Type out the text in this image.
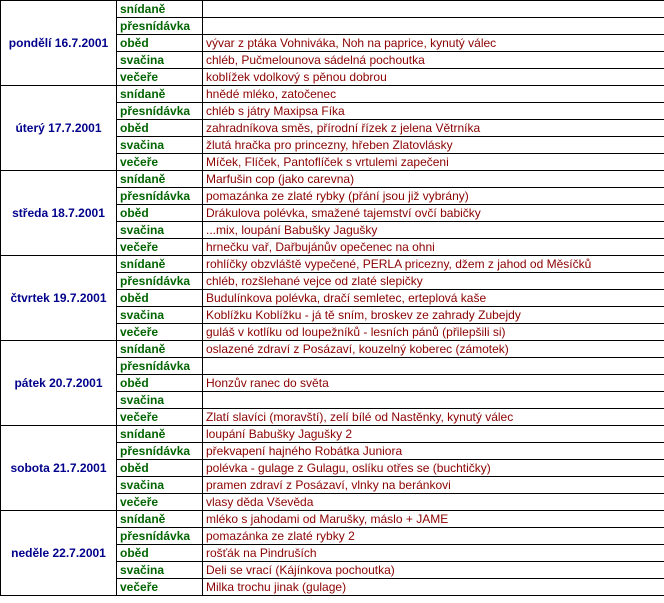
pondělí 16.7.2001	snídaně	
	přesnídávka	
	oběd	vývar z ptáka Vohniváka, Noh na paprice, kynutý válec
	svačina	chléb, Pučmelounova sádelná pochoutka
	večeře	koblížek vdolkový s pěnou dobrou
úterý 17.7.2001	snídaně	hnědé mléko, zatočenec
	přesnídávka	chléb s játry Maxipsa Fíka
	oběd	zahradníkova směs, přírodní řízek z jelena Větrníka
	svačina	žlutá hračka pro princezny, hřeben Zlatovlásky
	večeře	Míček, Flíček, Pantoflíček s vrtulemi zapečeni
středa 18.7.2001	snídaně	Marfušin cop (jako carevna)
	přesnídávka	pomazánka ze zlaté rybky (přání jsou již vybrány)
	oběd	Drákulova polévka, smažené tajemství ovčí babičky
	svačina	...mix, loupání Babušky Jagušky
	večeře	hrnečku vař, Dařbujánův opečenec na ohni
čtvrtek 19.7.2001	snídaně	rohlíčky obzvláště vypečené, PERLA pricezny, džem z jahod od Měsíčků
	přesnídávka	chléb, rozšlehané vejce od zlaté slepičky
	oběd	Budulínkova polévka, dračí semletec, erteplová kaše
	svačina	Koblížku Koblížku - já tě sním, broskev ze zahrady Zubejdy
	večeře	guláš v kotlíku od loupežníků - lesních pánů (přilepšili si)
pátek 20.7.2001	snídaně	oslazené zdraví z Posázaví, kouzelný koberec (zámotek)
	přesnídávka	
	oběd	Honzův ranec do světa
	svačina	
	večeře	Zlatí slavíci (moravští), zelí bílé od Nastěnky, kynutý válec
sobota 21.7.2001	snídaně	loupání Babušky Jagušky 2
	přesnídávka	překvapení hajného Robátka Juniora
	oběd	polévka - gulage z Gulagu, oslíku otřes se (buchtičky)
	svačina	pramen zdraví z Posázaví, vlnky na beránkovi
	večeře	vlasy děda Vševěda
neděle 22.7.2001	snídaně	mléko s jahodami od Marušky, máslo + JAME
	přesnídávka	pomazánka ze zlaté rybky 2
	oběd	rošťák na Pindruších
	svačina	Deli se vrací (Kájínkova pochoutka)
	večeře	Milka trochu jinak (gulage)
